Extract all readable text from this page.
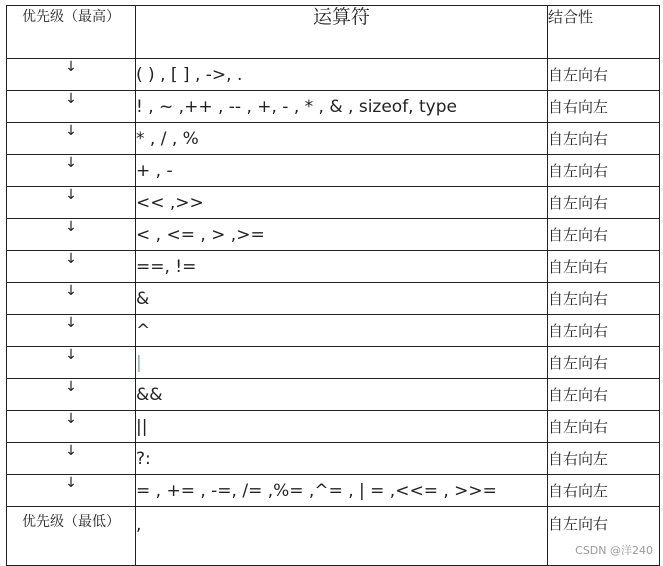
优先级（最高）	运算符	结合性
↓	( ) , [ ] , ->, .	自左向右
↓	! , ~ ,++ , -- , +, - , * , & , sizeof, type	自右向左
↓	* , / , %	自左向右
↓	+ , -	自左向右
↓	<< ,>>	自左向右
↓	< , <= , > ,>=	自左向右
↓	==, !=	自左向右
↓	&	自左向右
↓	^	自左向右
↓	|	自左向右
↓	&&	自左向右
↓	||	自左向右
↓	?:	自右向左
↓	= , += , -=, /= ,%= ,^= , | = ,<<= , >>=	自右向左
优先级（最低）	,	自左向右
CSDN @洋240
